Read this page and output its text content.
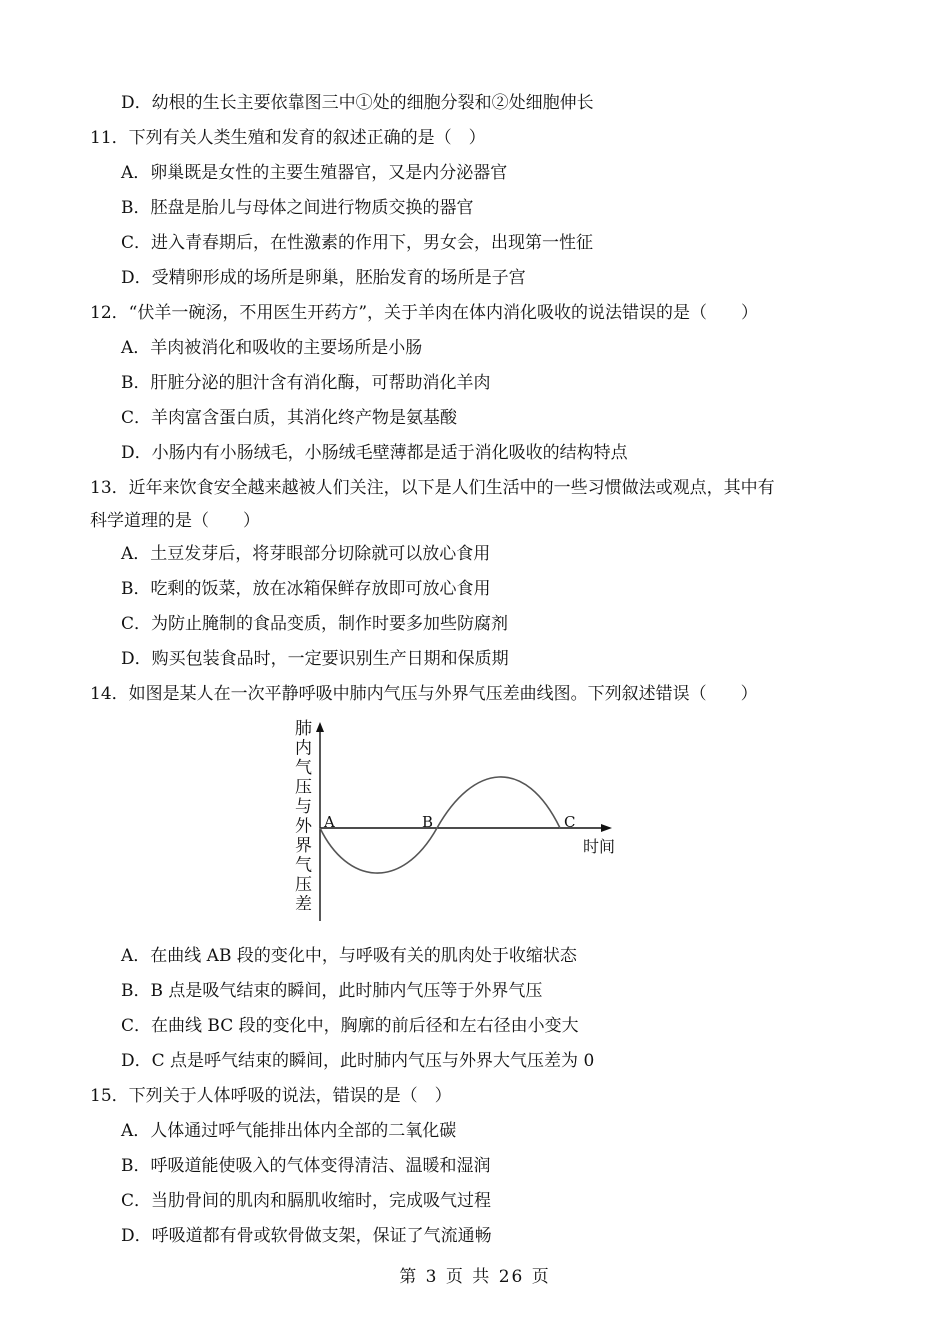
D．幼根的生长主要依靠图三中①处的细胞分裂和②处细胞伸长
11．下列有关人类生殖和发育的叙述正确的是（　）
A．卵巢既是女性的主要生殖器官，又是内分泌器官
B．胚盘是胎儿与母体之间进行物质交换的器官
C．进入青春期后，在性激素的作用下，男女会，出现第一性征
D．受精卵形成的场所是卵巢，胚胎发育的场所是子宫
12．“伏羊一碗汤，不用医生开药方”，关于羊肉在体内消化吸收的说法错误的是（　　）
A．羊肉被消化和吸收的主要场所是小肠
B．肝脏分泌的胆汁含有消化酶，可帮助消化羊肉
C．羊肉富含蛋白质，其消化终产物是氨基酸
D．小肠内有小肠绒毛，小肠绒毛壁薄都是适于消化吸收的结构特点
13．近年来饮食安全越来越被人们关注，以下是人们生活中的一些习惯做法或观点，其中有
科学道理的是（　　）
A．土豆发芽后，将芽眼部分切除就可以放心食用
B．吃剩的饭菜，放在冰箱保鲜存放即可放心食用
C．为防止腌制的食品变质，制作时要多加些防腐剂
D．购买包装食品时，一定要识别生产日期和保质期
14．如图是某人在一次平静呼吸中肺内气压与外界气压差曲线图。下列叙述错误（　　）
A．在曲线 AB 段的变化中，与呼吸有关的肌肉处于收缩状态
B．B 点是吸气结束的瞬间，此时肺内气压等于外界气压
C．在曲线 BC 段的变化中，胸廓的前后径和左右径由小变大
D．C 点是呼气结束的瞬间，此时肺内气压与外界大气压差为 0
15．下列关于人体呼吸的说法，错误的是（　）
A．人体通过呼气能排出体内全部的二氧化碳
B．呼吸道能使吸入的气体变得清洁、温暖和湿润
C．当肋骨间的肌肉和膈肌收缩时，完成吸气过程
D．呼吸道都有骨或软骨做支架，保证了气流通畅
肺
内
气
压
与
外
界
气
压
差
A	B	C
时间
第 3 页 共 26 页
